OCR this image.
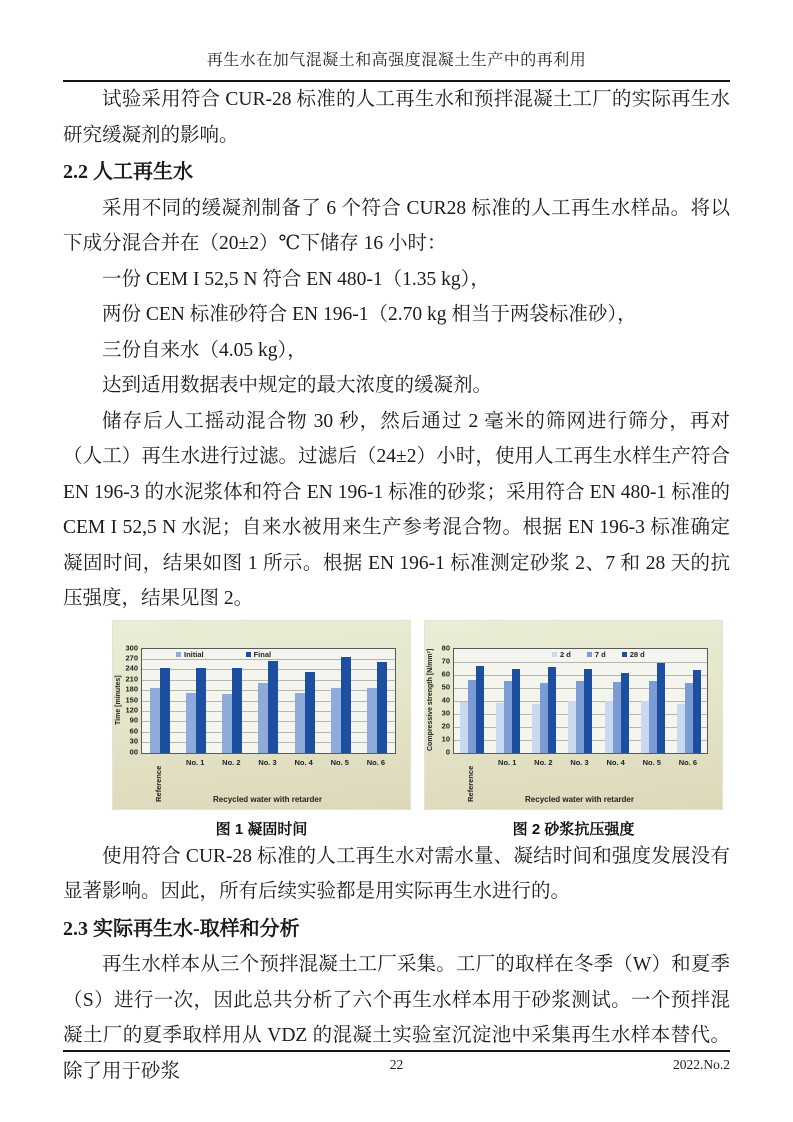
再生水在加气混凝土和高强度混凝土生产中的再利用

试验采用符合 CUR-28 标准的人工再生水和预拌混凝土工厂的实际再生水研究缓凝剂的影响。

2.2 人工再生水

采用不同的缓凝剂制备了 6 个符合 CUR28 标准的人工再生水样品。将以下成分混合并在（20±2）℃下储存 16 小时：

一份 CEM I 52,5 N 符合 EN 480-1（1.35 kg），

两份 CEN 标准砂符合 EN 196-1（2.70 kg 相当于两袋标准砂），

三份自来水（4.05 kg），

达到适用数据表中规定的最大浓度的缓凝剂。

储存后人工摇动混合物 30 秒，然后通过 2 毫米的筛网进行筛分，再对（人工）再生水进行过滤。过滤后（24±2）小时，使用人工再生水样生产符合 EN 196-3 的水泥浆体和符合 EN 196-1 标准的砂浆；采用符合 EN 480-1 标准的 CEM I 52,5 N 水泥；自来水被用来生产参考混合物。根据 EN 196-3 标准确定凝固时间，结果如图 1 所示。根据 EN 196-1 标准测定砂浆 2、7 和 28 天的抗压强度，结果见图 2。

Initial	Final
00
30
60
90
120
150
180
210
240
270
300
Reference
No. 1 No. 2 No. 3 No. 4 No. 5 No. 6
Recycled water with retarder
Time [minutes]
图 1 凝固时间
2 d	7 d	28 d
0
10
20
30
40
50
60
70
80
Reference
No. 1 No. 2 No. 3 No. 4 No. 5 No. 6
Recycled water with retarder
Compressive strength [N/mm²]
图 2 砂浆抗压强度

使用符合 CUR-28 标准的人工再生水对需水量、凝结时间和强度发展没有显著影响。因此，所有后续实验都是用实际再生水进行的。

2.3 实际再生水-取样和分析

再生水样本从三个预拌混凝土工厂采集。工厂的取样在冬季（W）和夏季（S）进行一次，因此总共分析了六个再生水样本用于砂浆测试。一个预拌混凝土厂的夏季取样用从 VDZ 的混凝土实验室沉淀池中采集再生水样本替代。除了用于砂浆	22	2022.No.2
